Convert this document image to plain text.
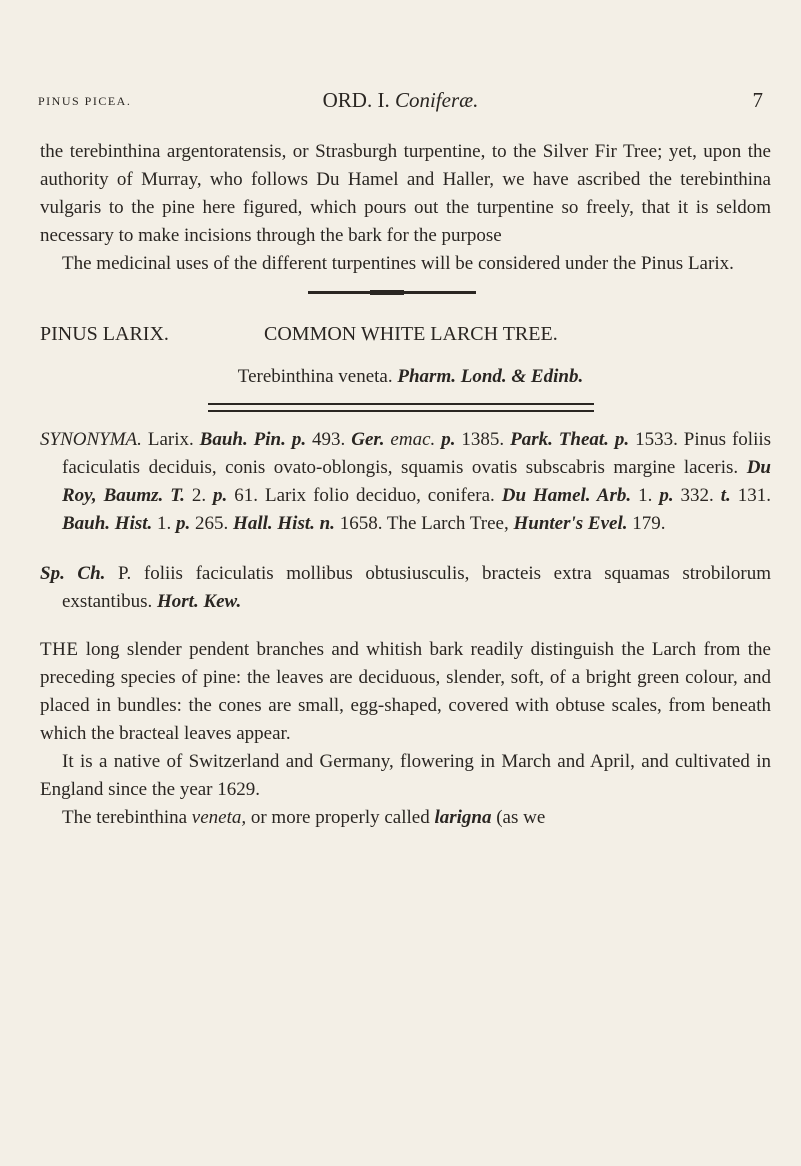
PINUS PICEA.	ORD. I. Coniferæ.	7
the terebinthina argentoratensis, or Strasburgh turpentine, to the Silver Fir Tree; yet, upon the authority of Murray, who follows Du Hamel and Haller, we have ascribed the terebinthina vulgaris to the pine here figured, which pours out the turpentine so freely, that it is seldom necessary to make incisions through the bark for the purpose
The medicinal uses of the different turpentines will be considered under the Pinus Larix.
PINUS LARIX.	COMMON WHITE LARCH TREE.
Terebinthina veneta. Pharm. Lond. & Edinb.
SYNONYMA. Larix. Bauh. Pin. p. 493. Ger. emac. p. 1385. Park. Theat. p. 1533. Pinus foliis faciculatis deciduis, conis ovato-oblongis, squamis ovatis subscabris margine laceris. Du Roy, Baumz. T. 2. p. 61. Larix folio deciduo, conifera. Du Hamel. Arb. 1. p. 332. t. 131. Bauh. Hist. 1. p. 265. Hall. Hist. n. 1658. The Larch Tree, Hunter's Evel. 179.
Sp. Ch. P. foliis faciculatis mollibus obtusiusculis, bracteis extra squamas strobilorum exstantibus. Hort. Kew.

THE long slender pendent branches and whitish bark readily distinguish the Larch from the preceding species of pine: the leaves are deciduous, slender, soft, of a bright green colour, and placed in bundles: the cones are small, egg-shaped, covered with obtuse scales, from beneath which the bracteal leaves appear.

It is a native of Switzerland and Germany, flowering in March and April, and cultivated in England since the year 1629.

The terebinthina veneta, or more properly called larigna (as we
